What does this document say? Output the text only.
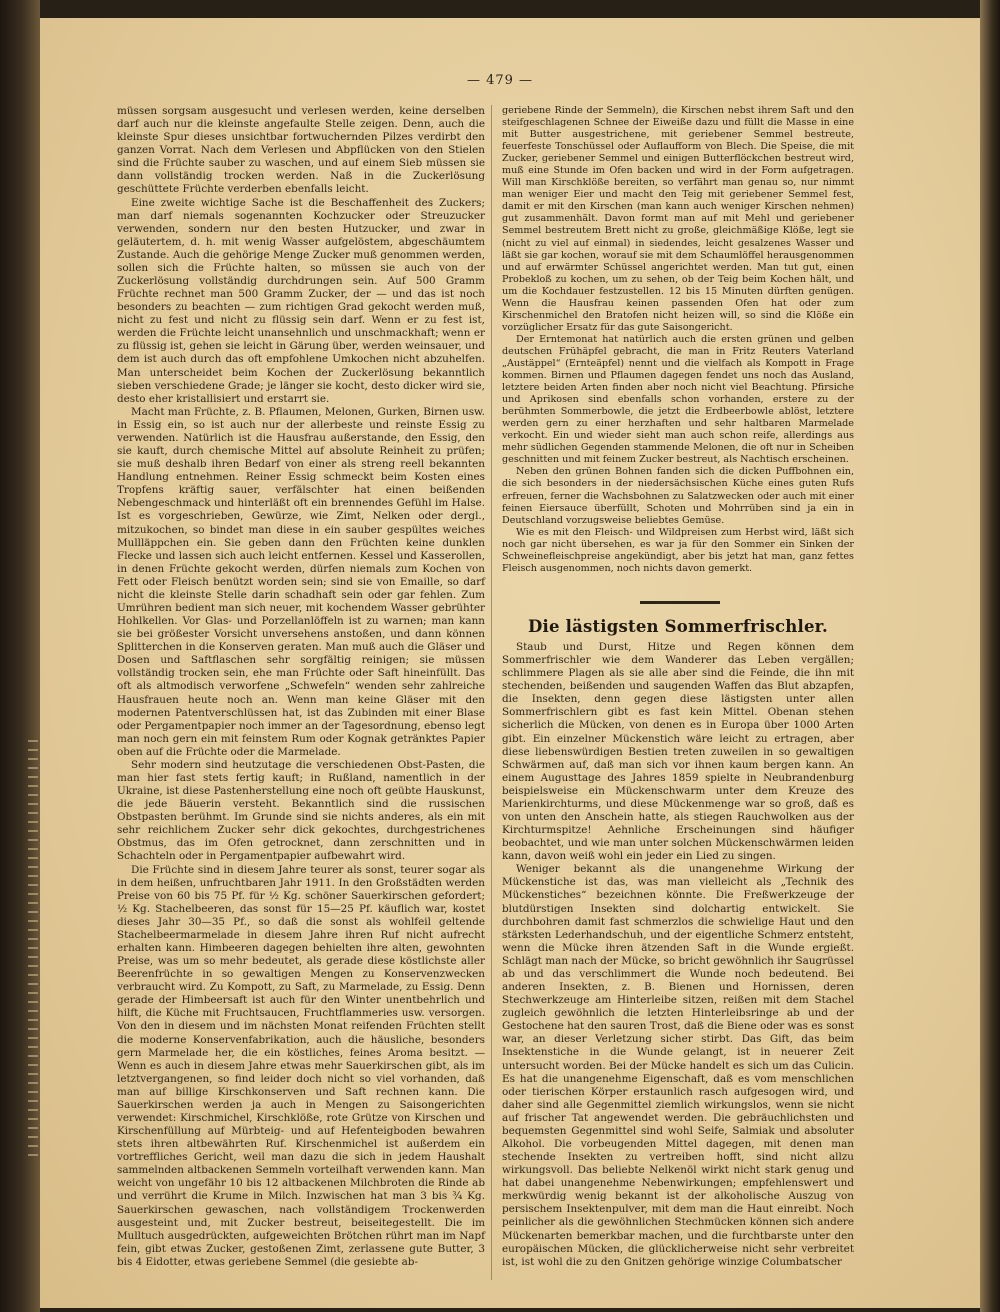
— 479 —

müssen sorgsam ausgesucht und verlesen werden, keine derselben darf auch nur die kleinste angefaulte Stelle zeigen. Denn, auch die kleinste Spur dieses unsichtbar fortwuchernden Pilzes verdirbt den ganzen Vorrat. Nach dem Verlesen und Abpflücken von den Stielen sind die Früchte sauber zu waschen, und auf einem Sieb müssen sie dann vollständig trocken werden. Naß in die Zuckerlösung geschüttete Früchte verderben ebenfalls leicht.

Eine zweite wichtige Sache ist die Beschaffenheit des Zuckers; man darf niemals sogenannten Kochzucker oder Streuzucker verwenden, sondern nur den besten Hutzucker, und zwar in geläutertem, d. h. mit wenig Wasser aufgelöstem, abgeschäumtem Zustande. Auch die gehörige Menge Zucker muß genommen werden, sollen sich die Früchte halten, so müssen sie auch von der Zuckerlösung vollständig durchdrungen sein. Auf 500 Gramm Früchte rechnet man 500 Gramm Zucker, der — und das ist noch besonders zu beachten — zum richtigen Grad gekocht werden muß, nicht zu fest und nicht zu flüssig sein darf. Wenn er zu fest ist, werden die Früchte leicht unansehnlich und unschmackhaft; wenn er zu flüssig ist, gehen sie leicht in Gärung über, werden weinsauer, und dem ist auch durch das oft empfohlene Umkochen nicht abzuhelfen. Man unterscheidet beim Kochen der Zuckerlösung bekanntlich sieben verschiedene Grade; je länger sie kocht, desto dicker wird sie, desto eher kristallisiert und erstarrt sie.

Macht man Früchte, z. B. Pflaumen, Melonen, Gurken, Birnen usw. in Essig ein, so ist auch nur der allerbeste und reinste Essig zu verwenden. Natürlich ist die Hausfrau außerstande, den Essig, den sie kauft, durch chemische Mittel auf absolute Reinheit zu prüfen; sie muß deshalb ihren Bedarf von einer als streng reell bekannten Handlung entnehmen. Reiner Essig schmeckt beim Kosten eines Tropfens kräftig sauer, verfälschter hat einen beißenden Nebengeschmack und hinterläßt oft ein brennendes Gefühl im Halse. Ist es vorgeschrieben, Gewürze, wie Zimt, Nelken oder dergl., mitzukochen, so bindet man diese in ein sauber gespültes weiches Mullläppchen ein. Sie geben dann den Früchten keine dunklen Flecke und lassen sich auch leicht entfernen. Kessel und Kasserollen, in denen Früchte gekocht werden, dürfen niemals zum Kochen von Fett oder Fleisch benützt worden sein; sind sie von Emaille, so darf nicht die kleinste Stelle darin schadhaft sein oder gar fehlen. Zum Umrühren bedient man sich neuer, mit kochendem Wasser gebrühter Hohlkellen. Vor Glas- und Porzellanlöffeln ist zu warnen; man kann sie bei größester Vorsicht unversehens anstoßen, und dann können Splitterchen in die Konserven geraten. Man muß auch die Gläser und Dosen und Saftflaschen sehr sorgfältig reinigen; sie müssen vollständig trocken sein, ehe man Früchte oder Saft hineinfüllt. Das oft als altmodisch verworfene „Schwefeln“ wenden sehr zahlreiche Hausfrauen heute noch an. Wenn man keine Gläser mit den modernen Patentverschlüssen hat, ist das Zubinden mit einer Blase oder Pergamentpapier noch immer an der Tagesordnung, ebenso legt man noch gern ein mit feinstem Rum oder Kognak getränktes Papier oben auf die Früchte oder die Marmelade.

Sehr modern sind heutzutage die verschiedenen Obst-Pasten, die man hier fast stets fertig kauft; in Rußland, namentlich in der Ukraine, ist diese Pastenherstellung eine noch oft geübte Hauskunst, die jede Bäuerin versteht. Bekanntlich sind die russischen Obstpasten berühmt. Im Grunde sind sie nichts anderes, als ein mit sehr reichlichem Zucker sehr dick gekochtes, durchgestrichenes Obstmus, das im Ofen getrocknet, dann zerschnitten und in Schachteln oder in Pergamentpapier aufbewahrt wird.

Die Früchte sind in diesem Jahre teurer als sonst, teurer sogar als in dem heißen, unfruchtbaren Jahr 1911. In den Großstädten werden Preise von 60 bis 75 Pf. für ½ Kg. schöner Sauerkirschen gefordert; ½ Kg. Stachelbeeren, das sonst für 15—25 Pf. käuflich war, kostet dieses Jahr 30—35 Pf., so daß die sonst als wohlfeil geltende Stachelbeermarmelade in diesem Jahre ihren Ruf nicht aufrecht erhalten kann. Himbeeren dagegen behielten ihre alten, gewohnten Preise, was um so mehr bedeutet, als gerade diese köstlichste aller Beerenfrüchte in so gewaltigen Mengen zu Konservenzwecken verbraucht wird. Zu Kompott, zu Saft, zu Marmelade, zu Essig. Denn gerade der Himbeersaft ist auch für den Winter unentbehrlich und hilft, die Küche mit Fruchtsaucen, Fruchtflammeries usw. versorgen. Von den in diesem und im nächsten Monat reifenden Früchten stellt die moderne Konservenfabrikation, auch die häusliche, besonders gern Marmelade her, die ein köstliches, feines Aroma besitzt. — Wenn es auch in diesem Jahre etwas mehr Sauerkirschen gibt, als im letztvergangenen, so find leider doch nicht so viel vorhanden, daß man auf billige Kirschkonserven und Saft rechnen kann. Die Sauerkirschen werden ja auch in Mengen zu Saisongerichten verwendet: Kirschmichel, Kirschklöße, rote Grütze von Kirschen und Kirschenfüllung auf Mürbteig- und auf Hefenteigboden bewahren stets ihren altbewährten Ruf. Kirschenmichel ist außerdem ein vortreffliches Gericht, weil man dazu die sich in jedem Haushalt sammelnden altbackenen Semmeln vorteilhaft verwenden kann. Man weicht von ungefähr 10 bis 12 altbackenen Milchbroten die Rinde ab und verrührt die Krume in Milch. Inzwischen hat man 3 bis ¾ Kg. Sauerkirschen gewaschen, nach vollständigem Trockenwerden ausgesteint und, mit Zucker bestreut, beiseitegestellt. Die im Mulltuch ausgedrückten, aufgeweichten Brötchen rührt man im Napf fein, gibt etwas Zucker, gestoßenen Zimt, zerlassene gute Butter, 3 bis 4 Eidotter, etwas geriebene Semmel (die gesiebte ab-

geriebene Rinde der Semmeln), die Kirschen nebst ihrem Saft und den steifgeschlagenen Schnee der Eiweiße dazu und füllt die Masse in eine mit Butter ausgestrichene, mit geriebener Semmel bestreute, feuerfeste Tonschüssel oder Auflaufform von Blech. Die Speise, die mit Zucker, geriebener Semmel und einigen Butterflöckchen bestreut wird, muß eine Stunde im Ofen backen und wird in der Form aufgetragen. Will man Kirschklöße bereiten, so verfährt man genau so, nur nimmt man weniger Eier und macht den Teig mit geriebener Semmel fest, damit er mit den Kirschen (man kann auch weniger Kirschen nehmen) gut zusammenhält. Davon formt man auf mit Mehl und geriebener Semmel bestreutem Brett nicht zu große, gleichmäßige Klöße, legt sie (nicht zu viel auf einmal) in siedendes, leicht gesalzenes Wasser und läßt sie gar kochen, worauf sie mit dem Schaumlöffel herausgenommen und auf erwärmter Schüssel angerichtet werden. Man tut gut, einen Probekloß zu kochen, um zu sehen, ob der Teig beim Kochen hält, und um die Kochdauer festzustellen. 12 bis 15 Minuten dürften genügen. Wenn die Hausfrau keinen passenden Ofen hat oder zum Kirschenmichel den Bratofen nicht heizen will, so sind die Klöße ein vorzüglicher Ersatz für das gute Saisongericht.

Der Erntemonat hat natürlich auch die ersten grünen und gelben deutschen Frühäpfel gebracht, die man in Fritz Reuters Vaterland „Austäppel“ (Ernteäpfel) nennt und die vielfach als Kompott in Frage kommen. Birnen und Pflaumen dagegen fendet uns noch das Ausland, letztere beiden Arten finden aber noch nicht viel Beachtung. Pfirsiche und Aprikosen sind ebenfalls schon vorhanden, erstere zu der berühmten Sommerbowle, die jetzt die Erdbeerbowle ablöst, letztere werden gern zu einer herzhaften und sehr haltbaren Marmelade verkocht. Ein und wieder sieht man auch schon reife, allerdings aus mehr südlichen Gegenden stammende Melonen, die oft nur in Scheiben geschnitten und mit feinem Zucker bestreut, als Nachtisch erscheinen.

Neben den grünen Bohnen fanden sich die dicken Puffbohnen ein, die sich besonders in der niedersächsischen Küche eines guten Rufs erfreuen, ferner die Wachsbohnen zu Salatzwecken oder auch mit einer feinen Eiersauce überfüllt, Schoten und Mohrrüben sind ja ein in Deutschland vorzugsweise beliebtes Gemüse.

Wie es mit den Fleisch- und Wildpreisen zum Herbst wird, läßt sich noch gar nicht übersehen, es war ja für den Sommer ein Sinken der Schweinefleischpreise angekündigt, aber bis jetzt hat man, ganz fettes Fleisch ausgenommen, noch nichts davon gemerkt.

Die lästigsten Sommerfrischler.

Staub und Durst, Hitze und Regen können dem Sommerfrischler wie dem Wanderer das Leben vergällen; schlimmere Plagen als sie alle aber sind die Feinde, die ihn mit stechenden, beißenden und saugenden Waffen das Blut abzapfen, die Insekten, denn gegen diese lästigsten unter allen Sommerfrischlern gibt es fast kein Mittel. Obenan stehen sicherlich die Mücken, von denen es in Europa über 1000 Arten gibt. Ein einzelner Mückenstich wäre leicht zu ertragen, aber diese liebenswürdigen Bestien treten zuweilen in so gewaltigen Schwärmen auf, daß man sich vor ihnen kaum bergen kann. An einem Augusttage des Jahres 1859 spielte in Neubrandenburg beispielsweise ein Mückenschwarm unter dem Kreuze des Marienkirchturms, und diese Mückenmenge war so groß, daß es von unten den Anschein hatte, als stiegen Rauchwolken aus der Kirchturmspitze! Aehnliche Erscheinungen sind häufiger beobachtet, und wie man unter solchen Mückenschwärmen leiden kann, davon weiß wohl ein jeder ein Lied zu singen.

Weniger bekannt als die unangenehme Wirkung der Mückenstiche ist das, was man vielleicht als „Technik des Mückenstiches“ bezeichnen könnte. Die Freßwerkzeuge der blutdürstigen Insekten sind dolchartig entwickelt. Sie durchbohren damit fast schmerzlos die schwielige Haut und den stärksten Lederhandschuh, und der eigentliche Schmerz entsteht, wenn die Mücke ihren ätzenden Saft in die Wunde ergießt. Schlägt man nach der Mücke, so bricht gewöhnlich ihr Saugrüssel ab und das verschlimmert die Wunde noch bedeutend. Bei anderen Insekten, z. B. Bienen und Hornissen, deren Stechwerkzeuge am Hinterleibe sitzen, reißen mit dem Stachel zugleich gewöhnlich die letzten Hinterleibsringe ab und der Gestochene hat den sauren Trost, daß die Biene oder was es sonst war, an dieser Verletzung sicher stirbt. Das Gift, das beim Insektenstiche in die Wunde gelangt, ist in neuerer Zeit untersucht worden. Bei der Mücke handelt es sich um das Culicin. Es hat die unangenehme Eigenschaft, daß es vom menschlichen oder tierischen Körper erstaunlich rasch aufgesogen wird, und daher sind alle Gegenmittel ziemlich wirkungslos, wenn sie nicht auf frischer Tat angewendet werden. Die gebräuchlichsten und bequemsten Gegenmittel sind wohl Seife, Salmiak und absoluter Alkohol. Die vorbeugenden Mittel dagegen, mit denen man stechende Insekten zu vertreiben hofft, sind nicht allzu wirkungsvoll. Das beliebte Nelkenöl wirkt nicht stark genug und hat dabei unangenehme Nebenwirkungen; empfehlenswert und merkwürdig wenig bekannt ist der alkoholische Auszug von persischem Insektenpulver, mit dem man die Haut einreibt. Noch peinlicher als die gewöhnlichen Stechmücken können sich andere Mückenarten bemerkbar machen, und die furchtbarste unter den europäischen Mücken, die glücklicherweise nicht sehr verbreitet ist, ist wohl die zu den Gnitzen gehörige winzige Columbatscher
